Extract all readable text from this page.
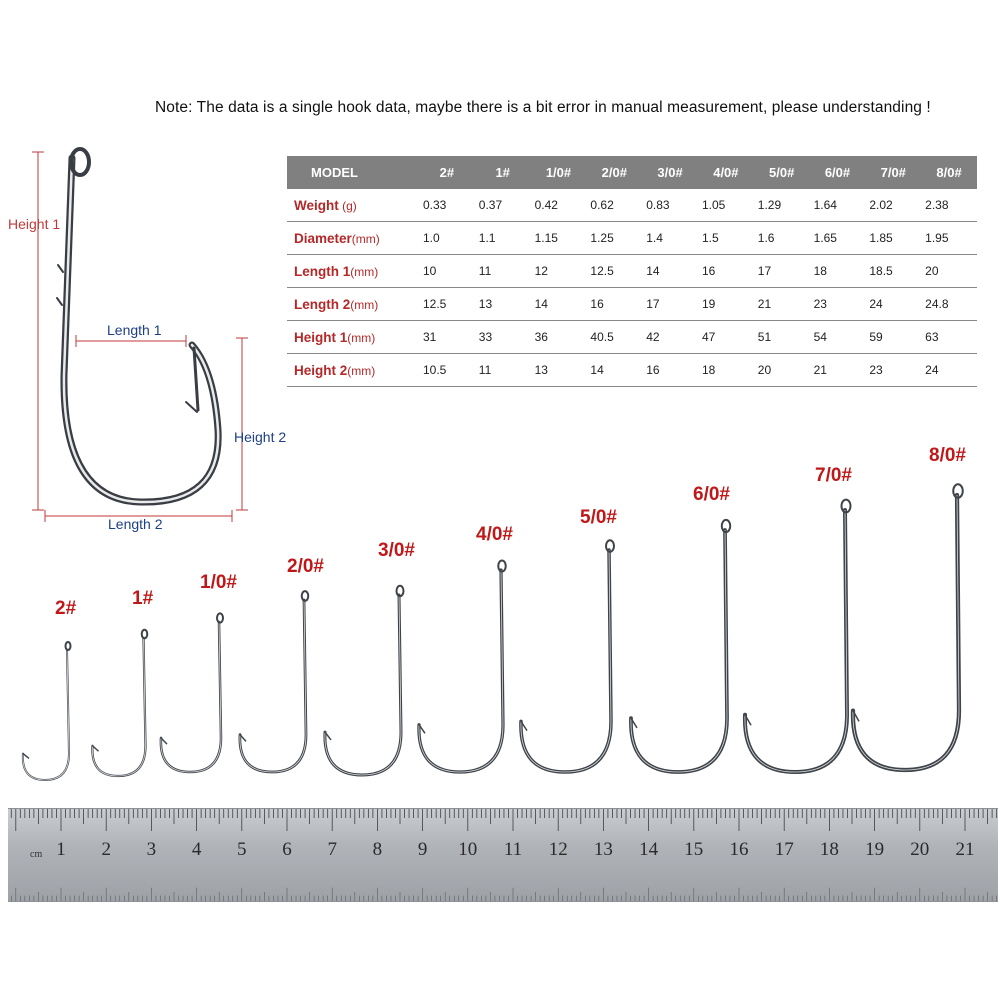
Note: The data is a single hook data, maybe there is a bit error in manual measurement, please understanding !
Height 1
Length 1
Height 2
Length 2
MODEL	2#	1#	1/0#	2/0#	3/0#	4/0#	5/0#	6/0#	7/0#	8/0#
Weight (g)	0.33	0.37	0.42	0.62	0.83	1.05	1.29	1.64	2.02	2.38
Diameter(mm)	1.0	1.1	1.15	1.25	1.4	1.5	1.6	1.65	1.85	1.95
Length 1(mm)	10	11	12	12.5	14	16	17	18	18.5	20
Length 2(mm)	12.5	13	14	16	17	19	21	23	24	24.8
Height 1(mm)	31	33	36	40.5	42	47	51	54	59	63
Height 2(mm)	10.5	11	13	14	16	18	20	21	23	24
2#	1#
1/0#
2/0#
3/0#
4/0#
5/0#
6/0#
7/0#
8/0#
cm 1 2 3 4 5 6 7 8 9 10 11 12 13 14 15 16 17 18 19 20 21
